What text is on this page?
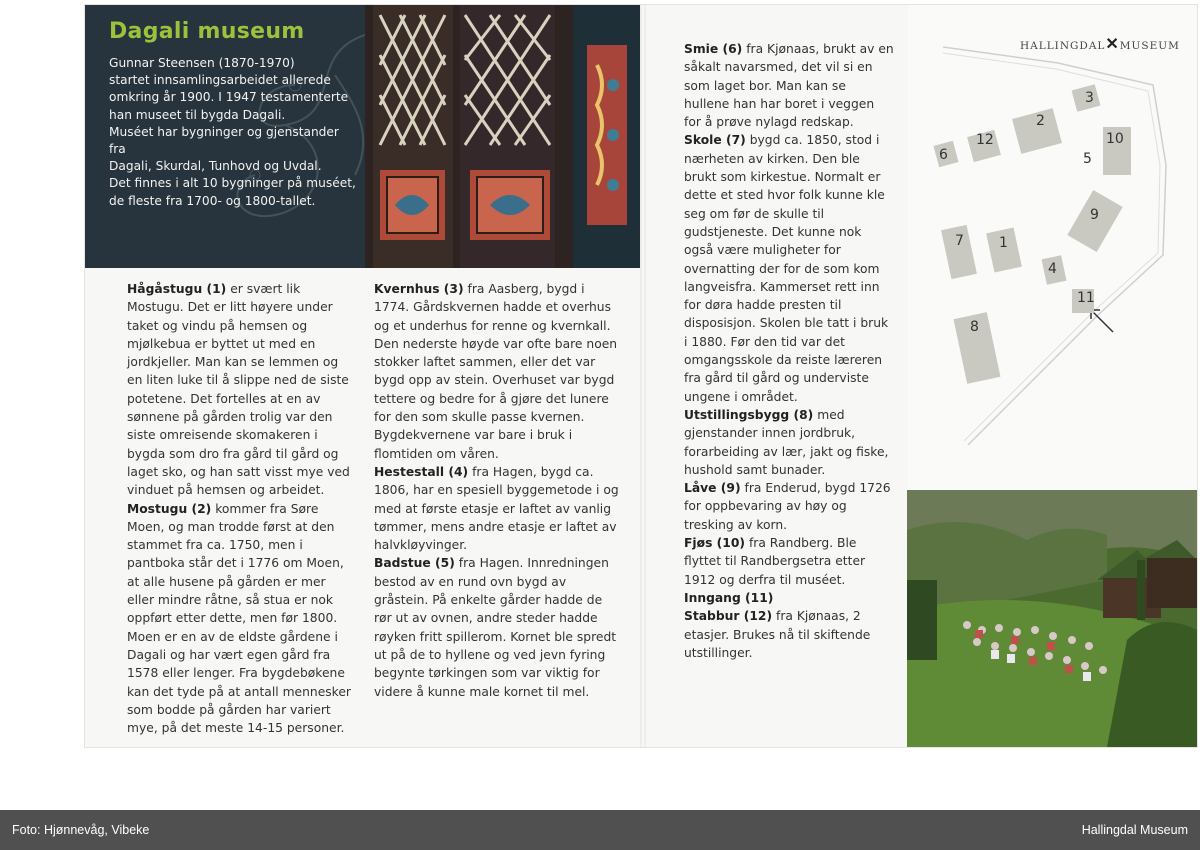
Dagali museum
Gunnar Steensen (1870-1970)
startet innsamlingsarbeidet allerede
omkring år 1900. I 1947 testamenterte
han museet til bygda Dagali.
Muséet har bygninger og gjenstander fra
Dagali, Skurdal, Tunhovd og Uvdal.
Det finnes i alt 10 bygninger på muséet,
de fleste fra 1700- og 1800-tallet.

Hågåstugu (1) er svært lik Mostugu. Det er litt høyere under taket og vindu på hemsen og mjølkebua er byttet ut med en jordkjeller. Man kan se lemmen og en liten luke til å slippe ned de siste potetene. Det fortelles at en av sønnene på gården trolig var den siste omreisende skomakeren i bygda som dro fra gård til gård og laget sko, og han satt visst mye ved vinduet på hemsen og arbeidet.

Mostugu (2) kommer fra Søre Moen, og man trodde først at den stammet fra ca. 1750, men i pantboka står det i 1776 om Moen, at alle husene på gården er mer eller mindre råtne, så stua er nok oppført etter dette, men før 1800. Moen er en av de eldste gårdene i Dagali og har vært egen gård fra 1578 eller lenger. Fra bygdebøkene kan det tyde på at antall mennesker som bodde på gården har variert mye, på det meste 14-15 personer.

Kvernhus (3) fra Aasberg, bygd i 1774. Gårdskvernen hadde et overhus og et underhus for renne og kvernkall. Den nederste høyde var ofte bare noen stokker laftet sammen, eller det var bygd opp av stein. Overhuset var bygd tettere og bedre for å gjøre det lunere for den som skulle passe kvernen. Bygdekvernene var bare i bruk i flomtiden om våren.

Hestestall (4) fra Hagen, bygd ca. 1806, har en spesiell byggemetode i og med at første etasje er laftet av vanlig tømmer, mens andre etasje er laftet av halvkløyvinger.

Badstue (5) fra Hagen. Innredningen bestod av en rund ovn bygd av gråstein. På enkelte gårder hadde de rør ut av ovnen, andre steder hadde røyken fritt spillerom. Kornet ble spredt ut på de to hyllene og ved jevn fyring begynte tørkingen som var viktig for videre å kunne male kornet til mel.

Smie (6) fra Kjønaas, brukt av en såkalt navarsmed, det vil si en som laget bor. Man kan se hullene han har boret i veggen for å prøve nylagd redskap.

Skole (7) bygd ca. 1850, stod i nærheten av kirken. Den ble brukt som kirkestue. Normalt er dette et sted hvor folk kunne kle seg om før de skulle til gudstjeneste. Det kunne nok også være muligheter for overnatting der for de som kom langveisfra. Kammerset rett inn for døra hadde presten til disposisjon. Skolen ble tatt i bruk i 1880. Før den tid var det omgangsskole da reiste læreren fra gård til gård og underviste ungene i området.

Utstillingsbygg (8) med gjenstander innen jordbruk, forarbeiding av lær, jakt og fiske, hushold samt bunader.

Låve (9) fra Enderud, bygd 1726 for oppbevaring av høy og tresking av korn.

Fjøs (10) fra Randberg. Ble flyttet til Randbergsetra etter 1912 og derfra til muséet.

Inngang (11)

Stabbur (12) fra Kjønaas, 2 etasjer. Brukes nå til skiftende utstillinger.

3
2
12
6
10
5
9
7	1
4
11
8
HALLINGDAL✕MUSEUM
Foto: Hjønnevåg, Vibeke	Hallingdal Museum
